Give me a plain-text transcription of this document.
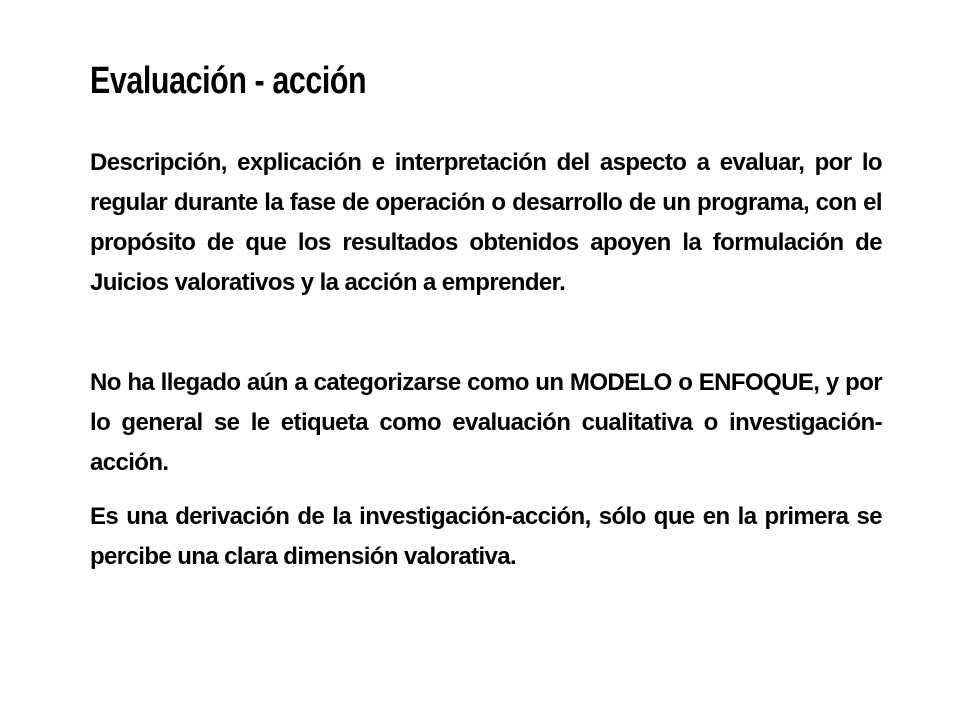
Evaluación - acción

Descripción, explicación e interpretación del aspecto a evaluar, por lo regular durante la fase de operación o desarrollo de un programa, con el propósito de que los resultados obtenidos apoyen la formulación de Juicios valorativos y la acción a emprender.

No ha llegado aún a categorizarse como un MODELO o ENFOQUE, y por lo general se le etiqueta como evaluación cualitativa o investigación-acción.

Es una derivación de la investigación-acción, sólo que en la primera se percibe una clara dimensión valorativa.
